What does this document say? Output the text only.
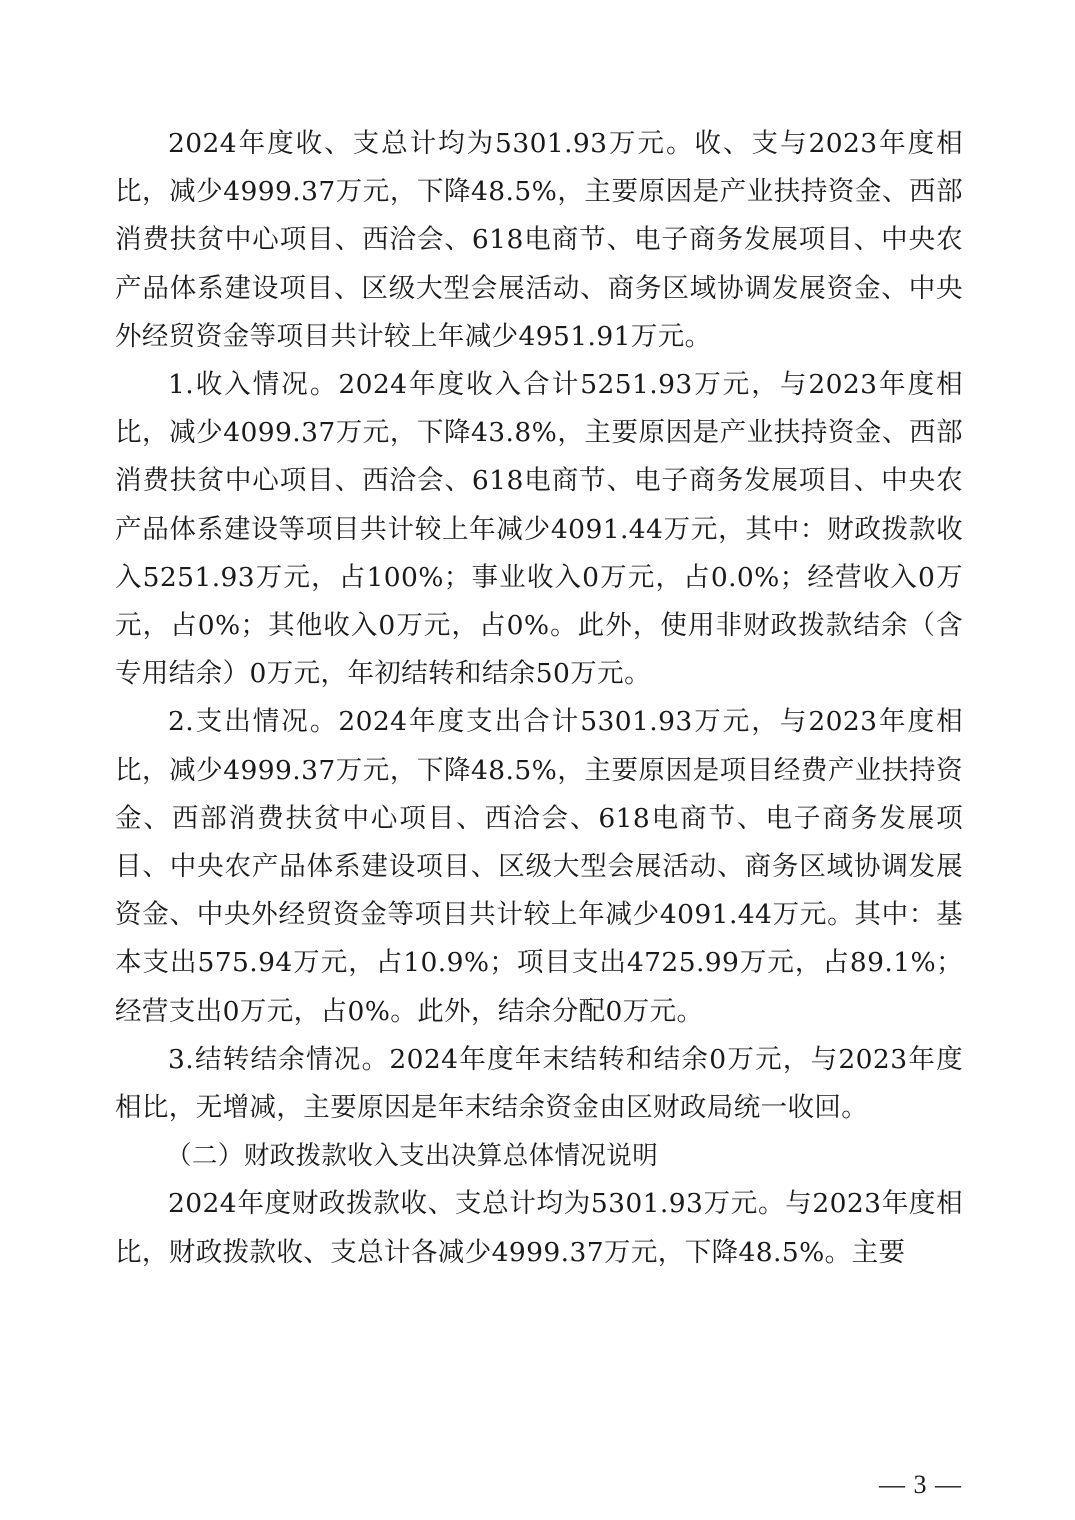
2024年度收、支总计均为5301.93万元。收、支与2023年度相比，减少4999.37万元，下降48.5%，主要原因是产业扶持资金、西部消费扶贫中心项目、西洽会、618电商节、电子商务发展项目、中央农产品体系建设项目、区级大型会展活动、商务区域协调发展资金、中央外经贸资金等项目共计较上年减少4951.91万元。

1.收入情况。2024年度收入合计5251.93万元，与2023年度相比，减少4099.37万元，下降43.8%，主要原因是产业扶持资金、西部消费扶贫中心项目、西洽会、618电商节、电子商务发展项目、中央农产品体系建设等项目共计较上年减少4091.44万元，其中：财政拨款收入5251.93万元，占100%；事业收入0万元，占0.0%；经营收入0万元，占0%；其他收入0万元，占0%。此外，使用非财政拨款结余（含专用结余）0万元，年初结转和结余50万元。

2.支出情况。2024年度支出合计5301.93万元，与2023年度相比，减少4999.37万元，下降48.5%，主要原因是项目经费产业扶持资金、西部消费扶贫中心项目、西洽会、618电商节、电子商务发展项目、中央农产品体系建设项目、区级大型会展活动、商务区域协调发展资金、中央外经贸资金等项目共计较上年减少4091.44万元。其中：基本支出575.94万元，占10.9%；项目支出4725.99万元，占89.1%；经营支出0万元，占0%。此外，结余分配0万元。

3.结转结余情况。2024年度年末结转和结余0万元，与2023年度相比，无增减，主要原因是年末结余资金由区财政局统一收回。

（二）财政拨款收入支出决算总体情况说明

2024年度财政拨款收、支总计均为5301.93万元。与2023年度相比，财政拨款收、支总计各减少4999.37万元，下降48.5%。主要

— 3 —
